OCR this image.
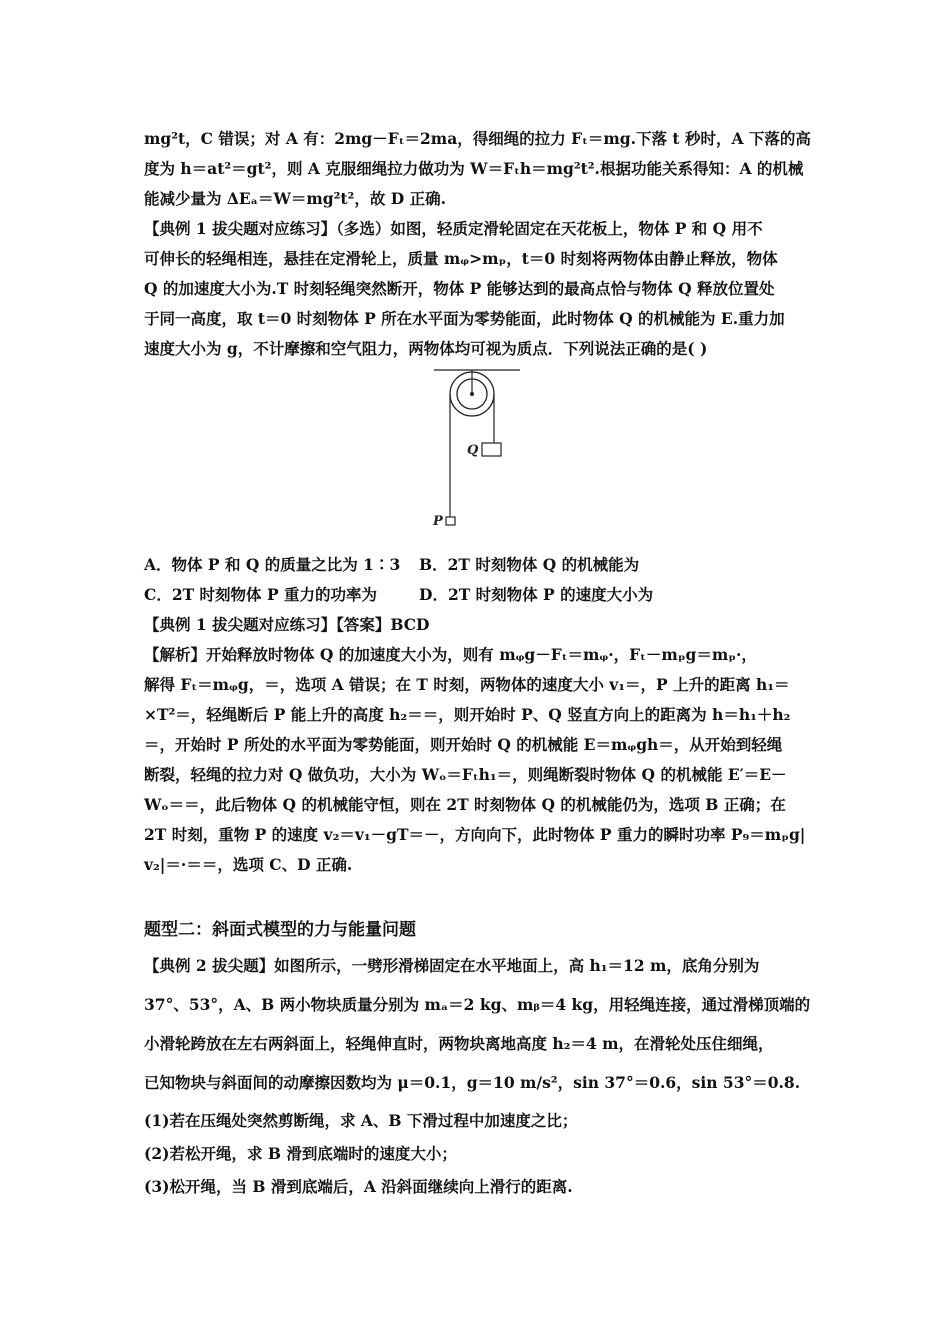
mg²t，C 错误；对 A 有：2mg－Fₜ＝2ma，得细绳的拉力 Fₜ＝mg.下落 t 秒时，A 下落的高

度为 h＝at²＝gt²，则 A 克服细绳拉力做功为 W＝Fₜh＝mg²t².根据功能关系得知：A 的机械

能减少量为 ΔEₐ＝W＝mg²t²，故 D 正确.

【典例 1 拔尖题对应练习】（多选）如图，轻质定滑轮固定在天花板上，物体 P 和 Q 用不

可伸长的轻绳相连，悬挂在定滑轮上，质量 mᵩ>mₚ，t＝0 时刻将两物体由静止释放，物体

Q 的加速度大小为.T 时刻轻绳突然断开，物体 P 能够达到的最高点恰与物体 Q 释放位置处

于同一高度，取 t＝0 时刻物体 P 所在水平面为零势能面，此时物体 Q 的机械能为 E.重力加

速度大小为 g，不计摩擦和空气阻力，两物体均可视为质点．下列说法正确的是( )

Q
P
A．物体 P 和 Q 的质量之比为 1∶3	B．2T 时刻物体 Q 的机械能为
C．2T 时刻物体 P 重力的功率为	D．2T 时刻物体 P 的速度大小为

【典例 1 拔尖题对应练习】【答案】BCD

【解析】开始释放时物体 Q 的加速度大小为，则有 mᵩg－Fₜ＝mᵩ·，Fₜ－mₚg＝mₚ·，

解得 Fₜ＝mᵩg，＝，选项 A 错误；在 T 时刻，两物体的速度大小 v₁＝，P 上升的距离 h₁＝

×T²＝，轻绳断后 P 能上升的高度 h₂＝＝，则开始时 P、Q 竖直方向上的距离为 h＝h₁＋h₂

＝，开始时 P 所处的水平面为零势能面，则开始时 Q 的机械能 E＝mᵩgh＝，从开始到轻绳

断裂，轻绳的拉力对 Q 做负功，大小为 Wₒ＝Fₜh₁＝，则绳断裂时物体 Q 的机械能 E′＝E－

Wₒ＝＝，此后物体 Q 的机械能守恒，则在 2T 时刻物体 Q 的机械能仍为，选项 B 正确；在

2T 时刻，重物 P 的速度 v₂＝v₁－gT＝－，方向向下，此时物体 P 重力的瞬时功率 P₉＝mₚg|

v₂|＝·＝＝，选项 C、D 正确.

题型二：斜面式模型的力与能量问题

【典例 2 拔尖题】如图所示，一劈形滑梯固定在水平地面上，高 h₁＝12 m，底角分别为

37°、53°，A、B 两小物块质量分别为 mₐ＝2 kg、mᵦ＝4 kg，用轻绳连接，通过滑梯顶端的

小滑轮跨放在左右两斜面上，轻绳伸直时，两物块离地高度 h₂＝4 m，在滑轮处压住细绳，

已知物块与斜面间的动摩擦因数均为 μ＝0.1，g＝10 m/s²，sin 37°＝0.6，sin 53°＝0.8.

(1)若在压绳处突然剪断绳，求 A、B 下滑过程中加速度之比；

(2)若松开绳，求 B 滑到底端时的速度大小；

(3)松开绳，当 B 滑到底端后，A 沿斜面继续向上滑行的距离.
